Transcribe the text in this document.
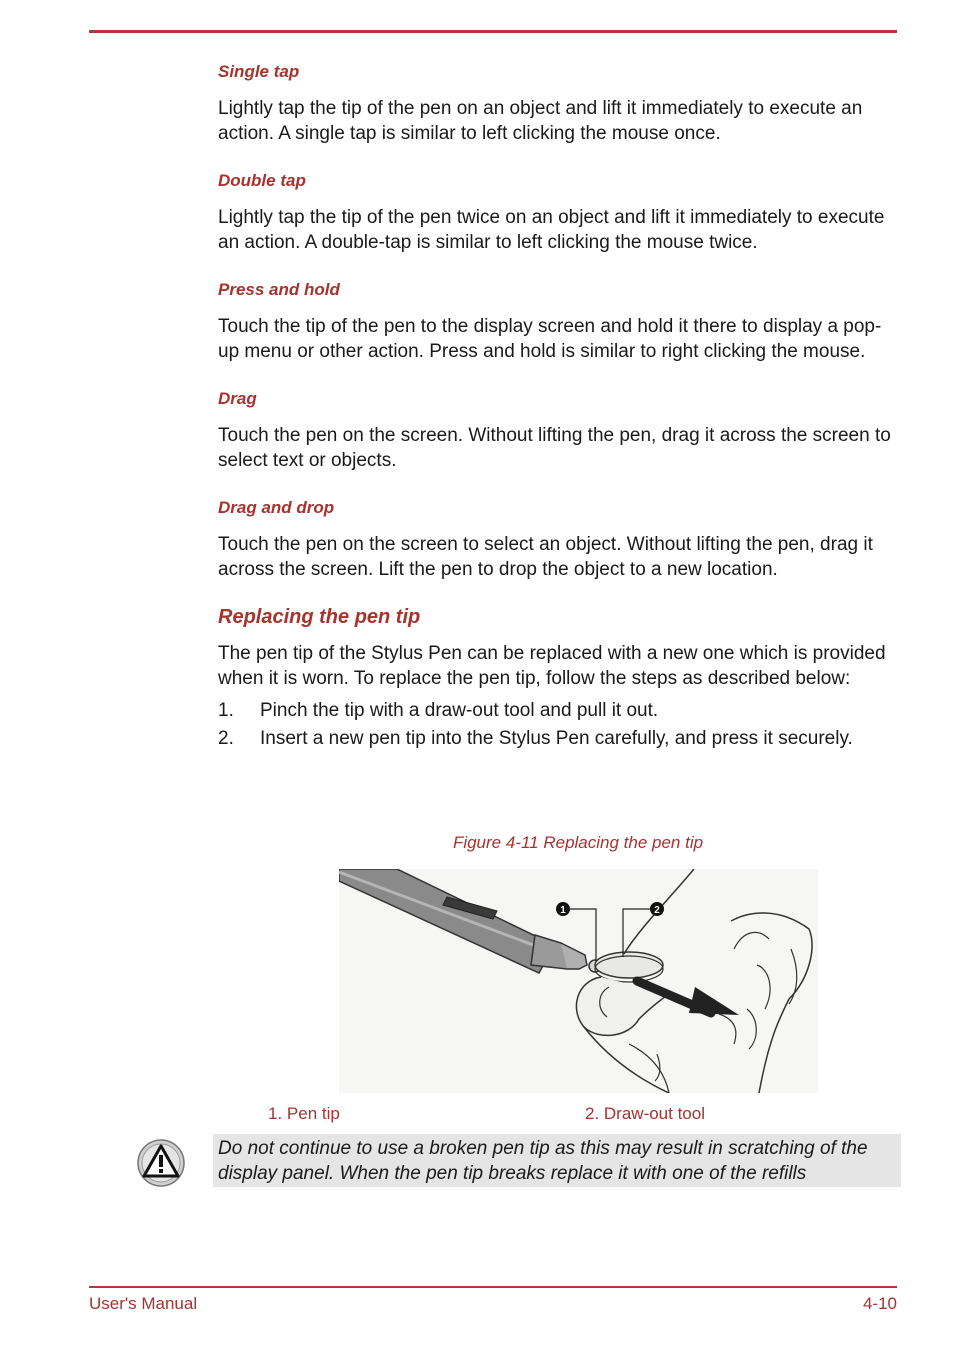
Single tap

Lightly tap the tip of the pen on an object and lift it immediately to execute an action. A single tap is similar to left clicking the mouse once.

Double tap

Lightly tap the tip of the pen twice on an object and lift it immediately to execute an action. A double-tap is similar to left clicking the mouse twice.

Press and hold

Touch the tip of the pen to the display screen and hold it there to display a pop-up menu or other action. Press and hold is similar to right clicking the mouse.

Drag

Touch the pen on the screen. Without lifting the pen, drag it across the screen to select text or objects.

Drag and drop

Touch the pen on the screen to select an object. Without lifting the pen, drag it across the screen. Lift the pen to drop the object to a new location.

Replacing the pen tip

The pen tip of the Stylus Pen can be replaced with a new one which is provided when it is worn. To replace the pen tip, follow the steps as described below:

1. Pinch the tip with a draw-out tool and pull it out.
2. Insert a new pen tip into the Stylus Pen carefully, and press it securely.
Figure 4-11 Replacing the pen tip
1	2
1. Pen tip	2. Draw-out tool

Do not continue to use a broken pen tip as this may result in scratching of the display panel. When the pen tip breaks replace it with one of the refills

User's Manual	4-10
